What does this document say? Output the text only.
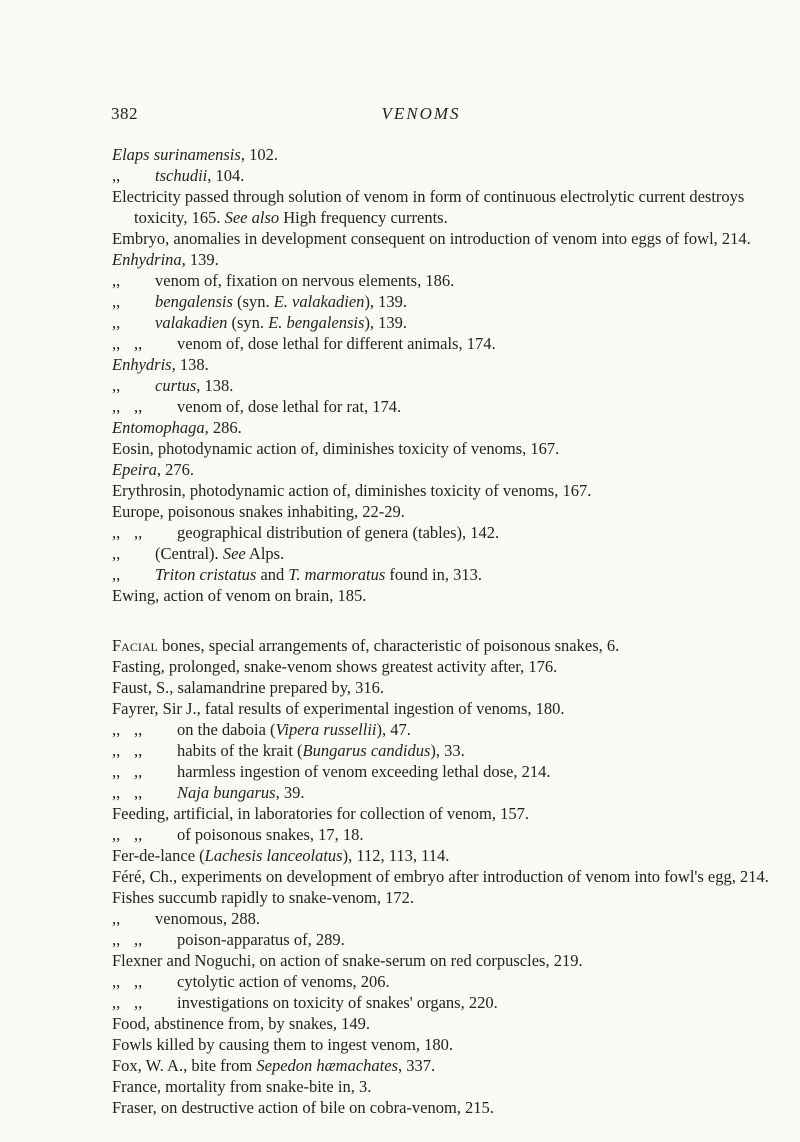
382	VENOMS

Elaps surinamensis, 102.

,, tschudii, 104.

Electricity passed through solution of venom in form of continuous electrolytic current destroys toxicity, 165. See also High frequency currents.

Embryo, anomalies in development consequent on introduction of venom into eggs of fowl, 214.

Enhydrina, 139.

,, venom of, fixation on nervous elements, 186.

,, bengalensis (syn. E. valakadien), 139.

,, valakadien (syn. E. bengalensis), 139.

,, ,, venom of, dose lethal for different animals, 174.

Enhydris, 138.

,, curtus, 138.

,, ,, venom of, dose lethal for rat, 174.

Entomophaga, 286.

Eosin, photodynamic action of, diminishes toxicity of venoms, 167.

Epeira, 276.

Erythrosin, photodynamic action of, diminishes toxicity of venoms, 167.

Europe, poisonous snakes inhabiting, 22-29.

,, ,, geographical distribution of genera (tables), 142.

,, (Central). See Alps.

,, Triton cristatus and T. marmoratus found in, 313.

Ewing, action of venom on brain, 185.

Facial bones, special arrangements of, characteristic of poisonous snakes, 6.

Fasting, prolonged, snake-venom shows greatest activity after, 176.

Faust, S., salamandrine prepared by, 316.

Fayrer, Sir J., fatal results of experimental ingestion of venoms, 180.

,, ,, on the daboia (Vipera russellii), 47.

,, ,, habits of the krait (Bungarus candidus), 33.

,, ,, harmless ingestion of venom exceeding lethal dose, 214.

,, ,, Naja bungarus, 39.

Feeding, artificial, in laboratories for collection of venom, 157.

,, ,, of poisonous snakes, 17, 18.

Fer-de-lance (Lachesis lanceolatus), 112, 113, 114.

Féré, Ch., experiments on development of embryo after introduction of venom into fowl's egg, 214.

Fishes succumb rapidly to snake-venom, 172.

,, venomous, 288.

,, ,, poison-apparatus of, 289.

Flexner and Noguchi, on action of snake-serum on red corpuscles, 219.

,, ,, cytolytic action of venoms, 206.

,, ,, investigations on toxicity of snakes' organs, 220.

Food, abstinence from, by snakes, 149.

Fowls killed by causing them to ingest venom, 180.

Fox, W. A., bite from Sepedon hæmachates, 337.

France, mortality from snake-bite in, 3.

Fraser, on destructive action of bile on cobra-venom, 215.
